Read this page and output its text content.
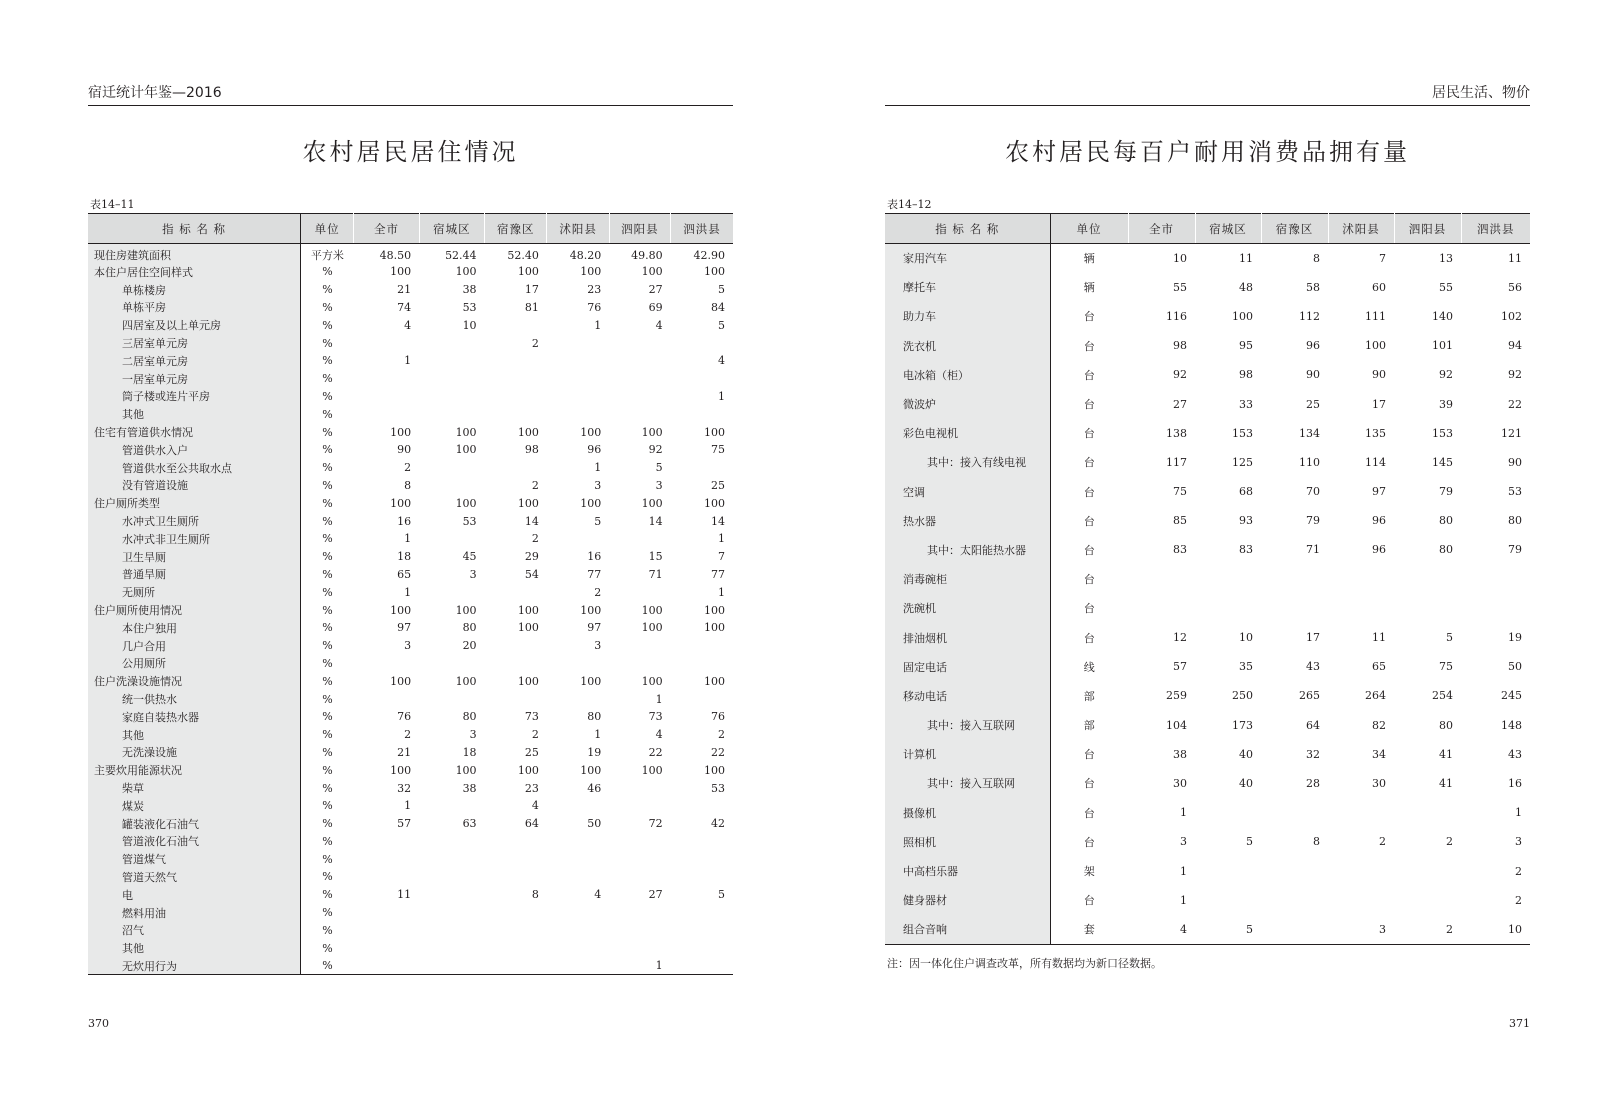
宿迁统计年鉴—2016
农村居民居住情况
表14–11
指 标 名 称	单位	全市	宿城区	宿豫区	沭阳县	泗阳县	泗洪县
现住房建筑面积	平方米	48.50	52.44	52.40	48.20	49.80	42.90
本住户居住空间样式	%	100	100	100	100	100	100
单栋楼房	%	21	38	17	23	27	5
单栋平房	%	74	53	81	76	69	84
四居室及以上单元房	%	4	10		1	4	5
三居室单元房	%			2			
二居室单元房	%	1					4
一居室单元房	%						
筒子楼或连片平房	%						1
其他	%						
住宅有管道供水情况	%	100	100	100	100	100	100
管道供水入户	%	90	100	98	96	92	75
管道供水至公共取水点	%	2			1	5	
没有管道设施	%	8		2	3	3	25
住户厕所类型	%	100	100	100	100	100	100
水冲式卫生厕所	%	16	53	14	5	14	14
水冲式非卫生厕所	%	1		2			1
卫生旱厕	%	18	45	29	16	15	7
普通旱厕	%	65	3	54	77	71	77
无厕所	%	1			2		1
住户厕所使用情况	%	100	100	100	100	100	100
本住户独用	%	97	80	100	97	100	100
几户合用	%	3	20		3		
公用厕所	%						
住户洗澡设施情况	%	100	100	100	100	100	100
统一供热水	%					1	
家庭自装热水器	%	76	80	73	80	73	76
其他	%	2	3	2	1	4	2
无洗澡设施	%	21	18	25	19	22	22
主要炊用能源状况	%	100	100	100	100	100	100
柴草	%	32	38	23	46		53
煤炭	%	1		4			
罐装液化石油气	%	57	63	64	50	72	42
管道液化石油气	%						
管道煤气	%						
管道天然气	%						
电	%	11		8	4	27	5
燃料用油	%						
沼气	%						
其他	%						
无炊用行为	%					1	
370
居民生活、物价
农村居民每百户耐用消费品拥有量
表14–12
指 标 名 称	单位	全市	宿城区	宿豫区	沭阳县	泗阳县	泗洪县
家用汽车	辆	10	11	8	7	13	11
摩托车	辆	55	48	58	60	55	56
助力车	台	116	100	112	111	140	102
洗衣机	台	98	95	96	100	101	94
电冰箱（柜）	台	92	98	90	90	92	92
微波炉	台	27	33	25	17	39	22
彩色电视机	台	138	153	134	135	153	121
其中：接入有线电视	台	117	125	110	114	145	90
空调	台	75	68	70	97	79	53
热水器	台	85	93	79	96	80	80
其中：太阳能热水器	台	83	83	71	96	80	79
消毒碗柜	台						
洗碗机	台						
排油烟机	台	12	10	17	11	5	19
固定电话	线	57	35	43	65	75	50
移动电话	部	259	250	265	264	254	245
其中：接入互联网	部	104	173	64	82	80	148
计算机	台	38	40	32	34	41	43
其中：接入互联网	台	30	40	28	30	41	16
摄像机	台	1					1
照相机	台	3	5	8	2	2	3
中高档乐器	架	1					2
健身器材	台	1					2
组合音响	套	4	5		3	2	10
注：因一体化住户调查改革，所有数据均为新口径数据。
371
